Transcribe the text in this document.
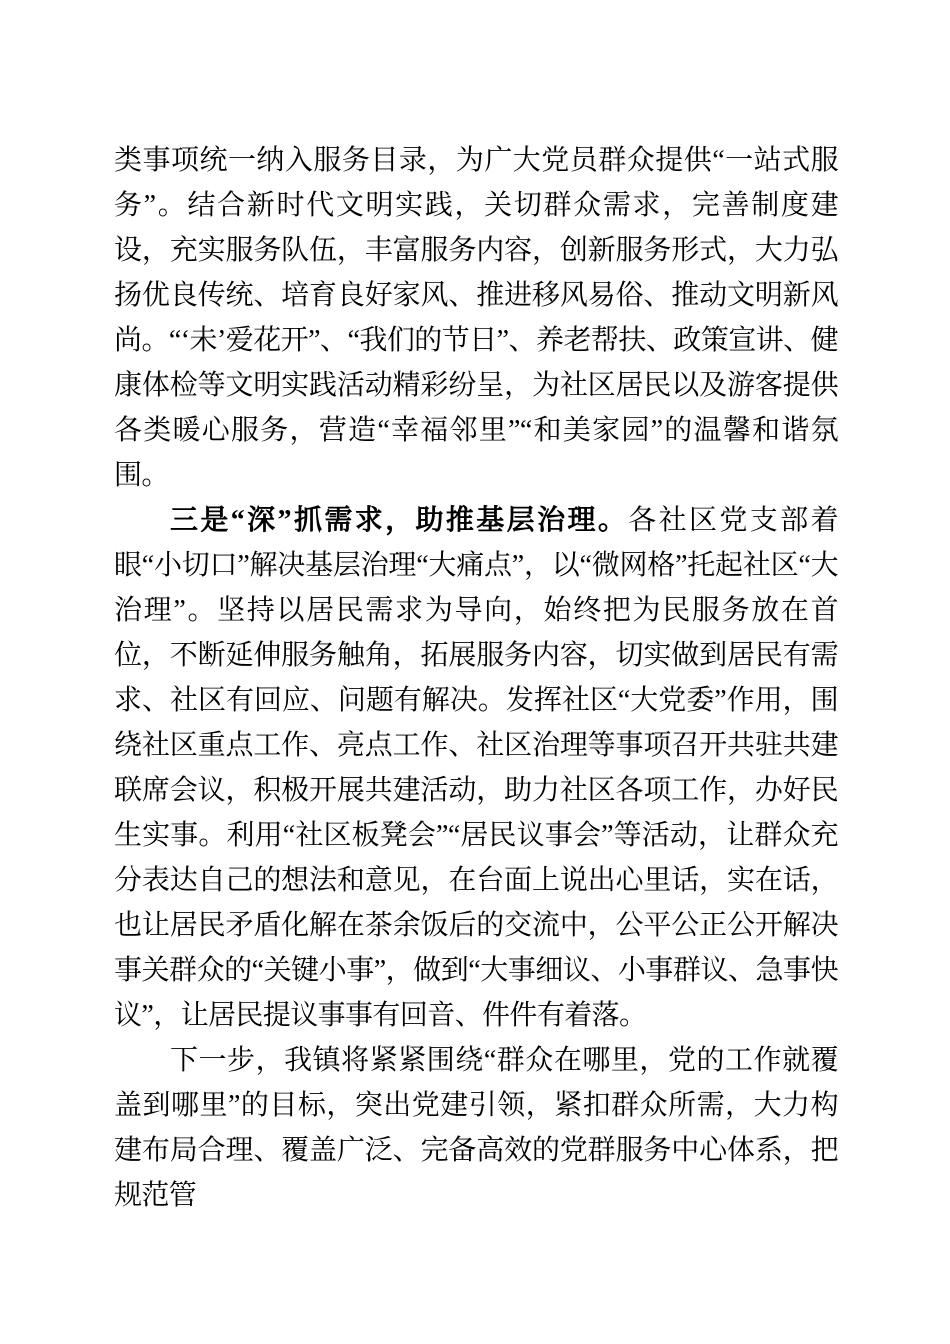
类事项统一纳入服务目录，为广大党员群众提供“一站式服务”。结合新时代文明实践，关切群众需求，完善制度建设，充实服务队伍，丰富服务内容，创新服务形式，大力弘扬优良传统、培育良好家风、推进移风易俗、推动文明新风尚。“‘未’爱花开”、“我们的节日”、养老帮扶、政策宣讲、健康体检等文明实践活动精彩纷呈，为社区居民以及游客提供各类暖心服务，营造“幸福邻里”“和美家园”的温馨和谐氛围。

三是“深”抓需求，助推基层治理。各社区党支部着眼“小切口”解决基层治理“大痛点”，以“微网格”托起社区“大治理”。坚持以居民需求为导向，始终把为民服务放在首位，不断延伸服务触角，拓展服务内容，切实做到居民有需求、社区有回应、问题有解决。发挥社区“大党委”作用，围绕社区重点工作、亮点工作、社区治理等事项召开共驻共建联席会议，积极开展共建活动，助力社区各项工作，办好民生实事。利用“社区板凳会”“居民议事会”等活动，让群众充分表达自己的想法和意见，在台面上说出心里话，实在话，也让居民矛盾化解在茶余饭后的交流中，公平公正公开解决事关群众的“关键小事”，做到“大事细议、小事群议、急事快议”，让居民提议事事有回音、件件有着落。

下一步，我镇将紧紧围绕“群众在哪里，党的工作就覆盖到哪里”的目标，突出党建引领，紧扣群众所需，大力构建布局合理、覆盖广泛、完备高效的党群服务中心体系，把规范管
